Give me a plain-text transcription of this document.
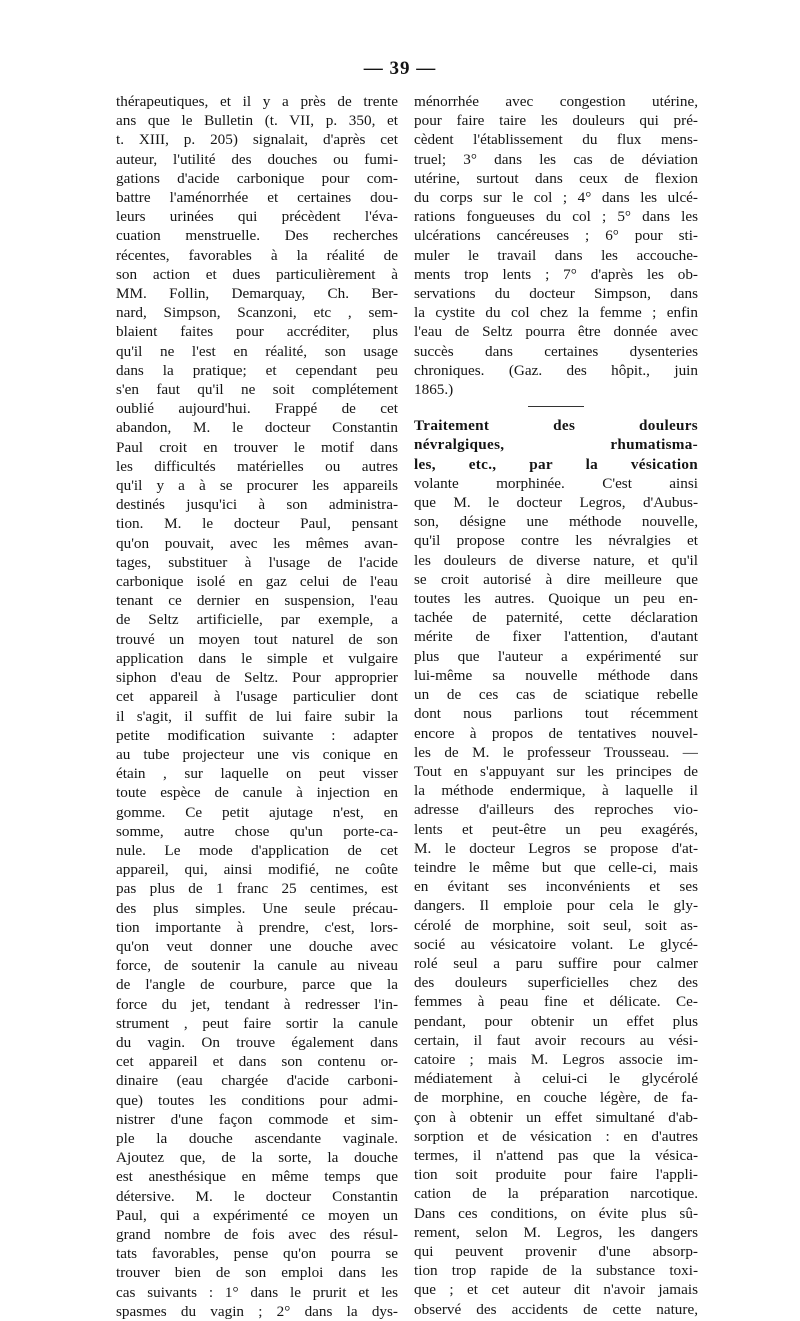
— 39 —
thérapeutiques, et il y a près de trente
ans que le Bulletin (t. VII, p. 350, et
t. XIII, p. 205) signalait, d'après cet
auteur, l'utilité des douches ou fumi-
gations d'acide carbonique pour com-
battre l'aménorrhée et certaines dou-
leurs urinées qui précèdent l'éva-
cuation menstruelle. Des recherches
récentes, favorables à la réalité de
son action et dues particulièrement à
MM. Follin, Demarquay, Ch. Ber-
nard, Simpson, Scanzoni, etc , sem-
blaient faites pour accréditer, plus
qu'il ne l'est en réalité, son usage
dans la pratique; et cependant peu
s'en faut qu'il ne soit complétement
oublié aujourd'hui. Frappé de cet
abandon, M. le docteur Constantin
Paul croit en trouver le motif dans
les difficultés matérielles ou autres
qu'il y a à se procurer les appareils
destinés jusqu'ici à son administra-
tion. M. le docteur Paul, pensant
qu'on pouvait, avec les mêmes avan-
tages, substituer à l'usage de l'acide
carbonique isolé en gaz celui de l'eau
tenant ce dernier en suspension, l'eau
de Seltz artificielle, par exemple, a
trouvé un moyen tout naturel de son
application dans le simple et vulgaire
siphon d'eau de Seltz. Pour approprier
cet appareil à l'usage particulier dont
il s'agit, il suffit de lui faire subir la
petite modification suivante : adapter
au tube projecteur une vis conique en
étain , sur laquelle on peut visser
toute espèce de canule à injection en
gomme. Ce petit ajutage n'est, en
somme, autre chose qu'un porte-ca-
nule. Le mode d'application de cet
appareil, qui, ainsi modifié, ne coûte
pas plus de 1 franc 25 centimes, est
des plus simples. Une seule précau-
tion importante à prendre, c'est, lors-
qu'on veut donner une douche avec
force, de soutenir la canule au niveau
de l'angle de courbure, parce que la
force du jet, tendant à redresser l'in-
strument , peut faire sortir la canule
du vagin. On trouve également dans
cet appareil et dans son contenu or-
dinaire (eau chargée d'acide carboni-
que) toutes les conditions pour admi-
nistrer d'une façon commode et sim-
ple la douche ascendante vaginale.
Ajoutez que, de la sorte, la douche
est anesthésique en même temps que
détersive. M. le docteur Constantin
Paul, qui a expérimenté ce moyen un
grand nombre de fois avec des résul-
tats favorables, pense qu'on pourra se
trouver bien de son emploi dans les
cas suivants : 1° dans le prurit et les
spasmes du vagin ; 2° dans la dys-
ménorrhée avec congestion utérine,
pour faire taire les douleurs qui pré-
cèdent l'établissement du flux mens-
truel; 3° dans les cas de déviation
utérine, surtout dans ceux de flexion
du corps sur le col ; 4° dans les ulcé-
rations fongueuses du col ; 5° dans les
ulcérations cancéreuses ; 6° pour sti-
muler le travail dans les accouche-
ments trop lents ; 7° d'après les ob-
servations du docteur Simpson, dans
la cystite du col chez la femme ; enfin
l'eau de Seltz pourra être donnée avec
succès dans certaines dysenteries
chroniques. (Gaz. des hôpit., juin
1865.)
Traitement des douleurs
névralgiques, rhumatisma-
les, etc., par la vésication
volante morphinée. C'est ainsi
que M. le docteur Legros, d'Aubus-
son, désigne une méthode nouvelle,
qu'il propose contre les névralgies et
les douleurs de diverse nature, et qu'il
se croit autorisé à dire meilleure que
toutes les autres. Quoique un peu en-
tachée de paternité, cette déclaration
mérite de fixer l'attention, d'autant
plus que l'auteur a expérimenté sur
lui-même sa nouvelle méthode dans
un de ces cas de sciatique rebelle
dont nous parlions tout récemment
encore à propos de tentatives nouvel-
les de M. le professeur Trousseau. —
Tout en s'appuyant sur les principes de
la méthode endermique, à laquelle il
adresse d'ailleurs des reproches vio-
lents et peut-être un peu exagérés,
M. le docteur Legros se propose d'at-
teindre le même but que celle-ci, mais
en évitant ses inconvénients et ses
dangers. Il emploie pour cela le gly-
cérolé de morphine, soit seul, soit as-
socié au vésicatoire volant. Le glycé-
rolé seul a paru suffire pour calmer
des douleurs superficielles chez des
femmes à peau fine et délicate. Ce-
pendant, pour obtenir un effet plus
certain, il faut avoir recours au vési-
catoire ; mais M. Legros associe im-
médiatement à celui-ci le glycérolé
de morphine, en couche légère, de fa-
çon à obtenir un effet simultané d'ab-
sorption et de vésication : en d'autres
termes, il n'attend pas que la vésica-
tion soit produite pour faire l'appli-
cation de la préparation narcotique.
Dans ces conditions, on évite plus sû-
rement, selon M. Legros, les dangers
qui peuvent provenir d'une absorp-
tion trop rapide de la substance toxi-
que ; et cet auteur dit n'avoir jamais
observé des accidents de cette nature,
